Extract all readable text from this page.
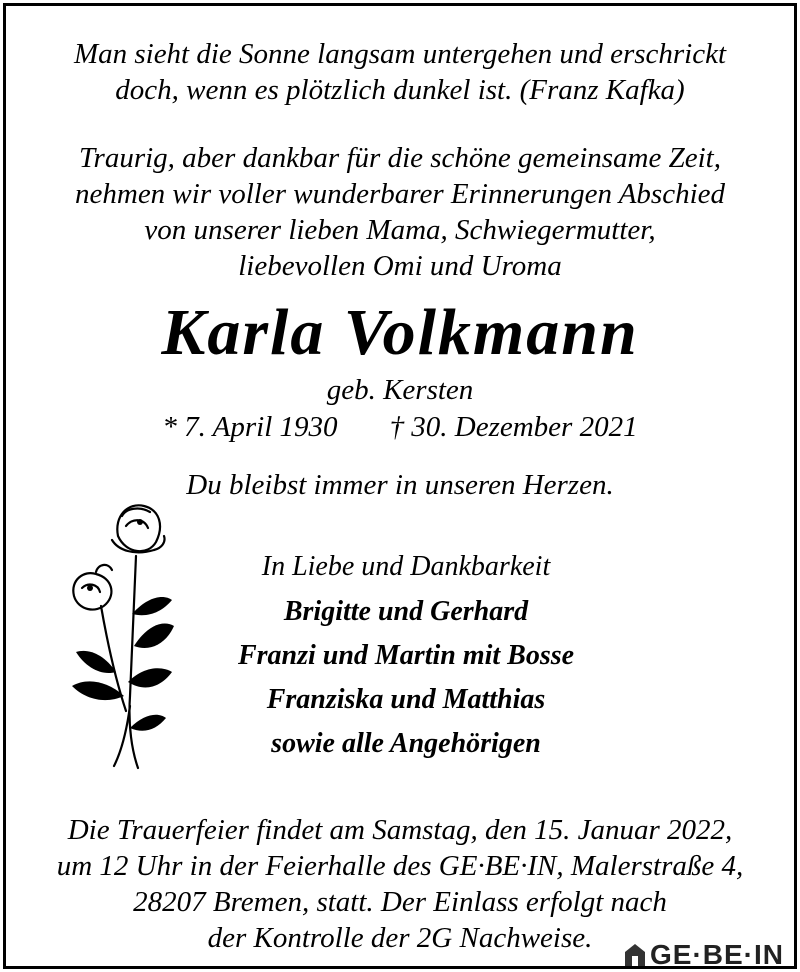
Man sieht die Sonne langsam untergehen und erschrickt
doch, wenn es plötzlich dunkel ist. (Franz Kafka)
Traurig, aber dankbar für die schöne gemeinsame Zeit,
nehmen wir voller wunderbarer Erinnerungen Abschied
von unserer lieben Mama, Schwiegermutter,
liebevollen Omi und Uroma
Karla Volkmann
geb. Kersten
* 7. April 1930 † 30. Dezember 2021
Du bleibst immer in unseren Herzen.
In Liebe und Dankbarkeit
Brigitte und Gerhard
Franzi und Martin mit Bosse
Franziska und Matthias
sowie alle Angehörigen
Die Trauerfeier findet am Samstag, den 15. Januar 2022,
um 12 Uhr in der Feierhalle des GE·BE·IN, Malerstraße 4,
28207 Bremen, statt. Der Einlass erfolgt nach
der Kontrolle der 2G Nachweise.
GE·BE·IN
